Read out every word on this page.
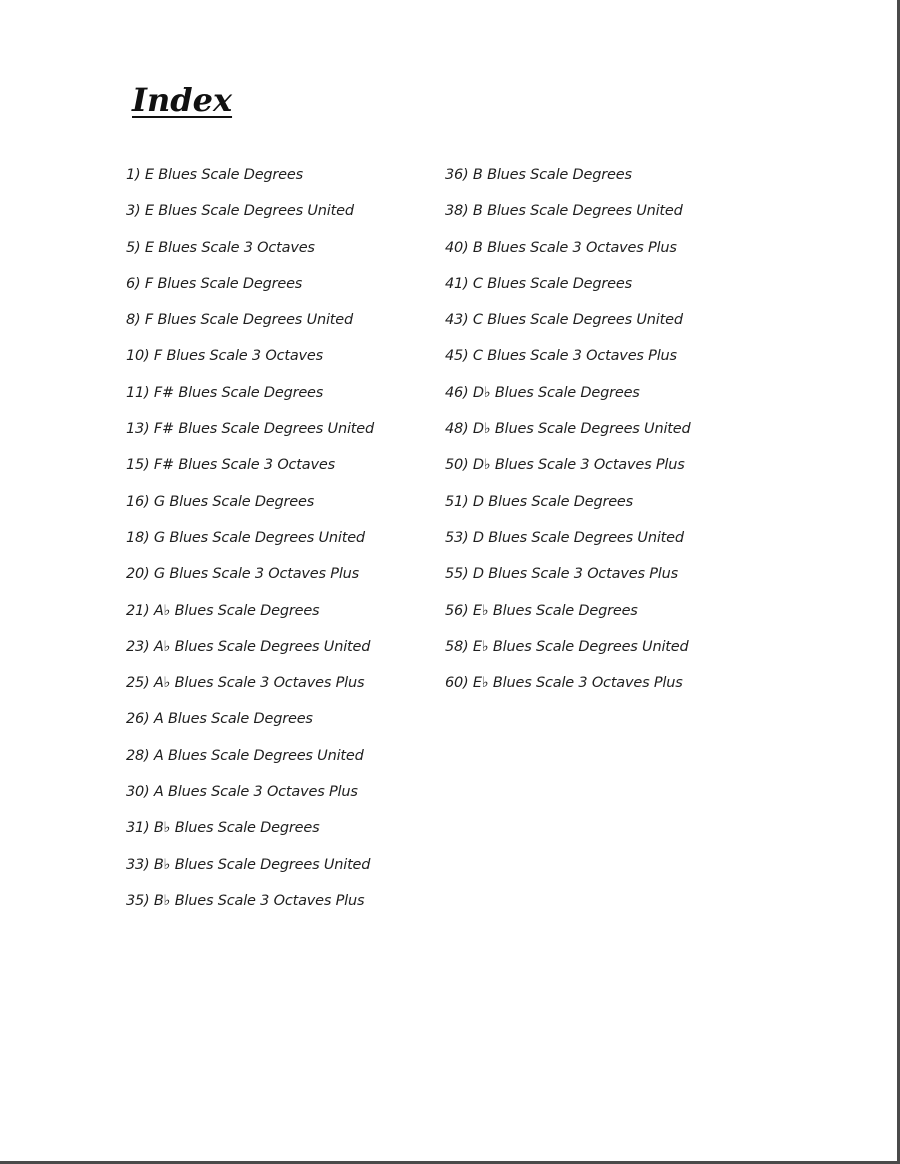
Index
1) E Blues Scale Degrees
3) E Blues Scale Degrees United
5) E Blues Scale 3 Octaves
6) F Blues Scale Degrees
8) F Blues Scale Degrees United
10) F Blues Scale 3 Octaves
11) F# Blues Scale Degrees
13) F# Blues Scale Degrees United
15) F# Blues Scale 3 Octaves
16) G Blues Scale Degrees
18) G Blues Scale Degrees United
20) G Blues Scale 3 Octaves Plus
21) A♭ Blues Scale Degrees
23) A♭ Blues Scale Degrees United
25) A♭ Blues Scale 3 Octaves Plus
26) A Blues Scale Degrees
28) A Blues Scale Degrees United
30) A Blues Scale 3 Octaves Plus
31) B♭ Blues Scale Degrees
33) B♭ Blues Scale Degrees United
35) B♭ Blues Scale 3 Octaves Plus
36) B Blues Scale Degrees
38) B Blues Scale Degrees United
40) B Blues Scale 3 Octaves Plus
41) C Blues Scale Degrees
43) C Blues Scale Degrees United
45) C Blues Scale 3 Octaves Plus
46) D♭ Blues Scale Degrees
48) D♭ Blues Scale Degrees United
50) D♭ Blues Scale 3 Octaves Plus
51) D Blues Scale Degrees
53) D Blues Scale Degrees United
55) D Blues Scale 3 Octaves Plus
56) E♭ Blues Scale Degrees
58) E♭ Blues Scale Degrees United
60) E♭ Blues Scale 3 Octaves Plus
